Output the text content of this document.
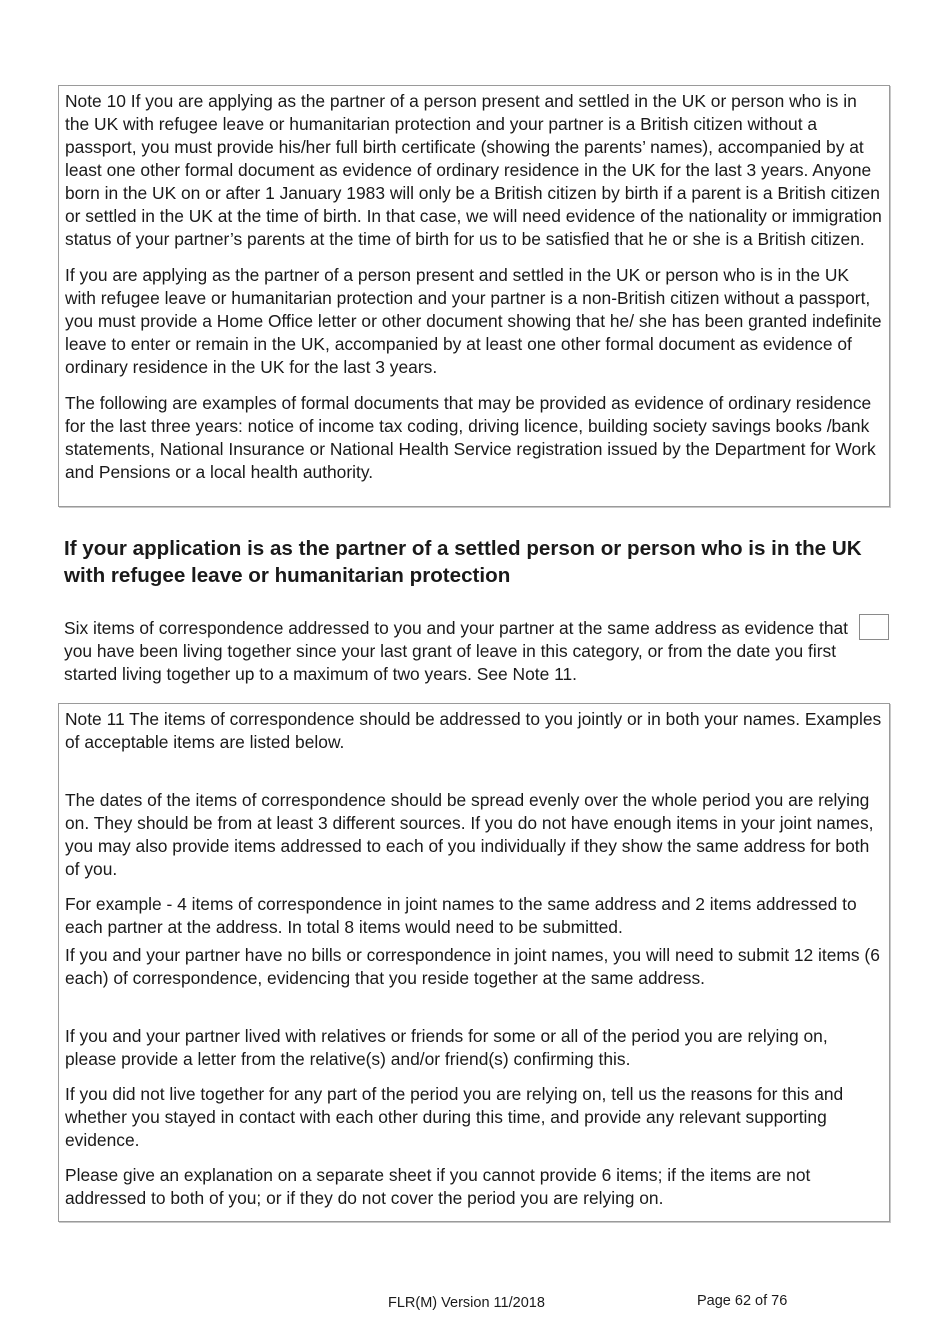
Note 10 If you are applying as the partner of a person present and settled in the UK or person who is in the UK with refugee leave or humanitarian protection and your partner is a British citizen without a passport, you must provide his/her full birth certificate (showing the parents’ names), accompanied by at least one other formal document as evidence of ordinary residence in the UK for the last 3 years. Anyone born in the UK on or after 1 January 1983 will only be a British citizen by birth if a parent is a British citizen or settled in the UK at the time of birth. In that case, we will need evidence of the nationality or immigration status of your partner’s parents at the time of birth for us to be satisfied that he or she is a British citizen.

If you are applying as the partner of a person present and settled in the UK or person who is in the UK with refugee leave or humanitarian protection and your partner is a non-British citizen without a passport, you must provide a Home Office letter or other document showing that he/ she has been granted indefinite leave to enter or remain in the UK, accompanied by at least one other formal document as evidence of ordinary residence in the UK for the last 3 years.

The following are examples of formal documents that may be provided as evidence of ordinary residence for the last three years: notice of income tax coding, driving licence, building society savings books /bank statements, National Insurance or National Health Service registration issued by the Department for Work and Pensions or a local health authority.

If your application is as the partner of a settled person or person who is in the UK with refugee leave or humanitarian protection

Six items of correspondence addressed to you and your partner at the same address as evidence that you have been living together since your last grant of leave in this category, or from the date you first started living together up to a maximum of two years. See Note 11.

Note 11 The items of correspondence should be addressed to you jointly or in both your names. Examples of acceptable items are listed below.

The dates of the items of correspondence should be spread evenly over the whole period you are relying on. They should be from at least 3 different sources. If you do not have enough items in your joint names, you may also provide items addressed to each of you individually if they show the same address for both of you.

For example - 4 items of correspondence in joint names to the same address and 2 items addressed to each partner at the address. In total 8 items would need to be submitted.

If you and your partner have no bills or correspondence in joint names, you will need to submit 12 items (6 each) of correspondence, evidencing that you reside together at the same address.

If you and your partner lived with relatives or friends for some or all of the period you are relying on, please provide a letter from the relative(s) and/or friend(s) confirming this.

If you did not live together for any part of the period you are relying on, tell us the reasons for this and whether you stayed in contact with each other during this time, and provide any relevant supporting evidence.

Please give an explanation on a separate sheet if you cannot provide 6 items; if the items are not addressed to both of you; or if they do not cover the period you are relying on.

FLR(M) Version 11/2018	Page 62 of 76
